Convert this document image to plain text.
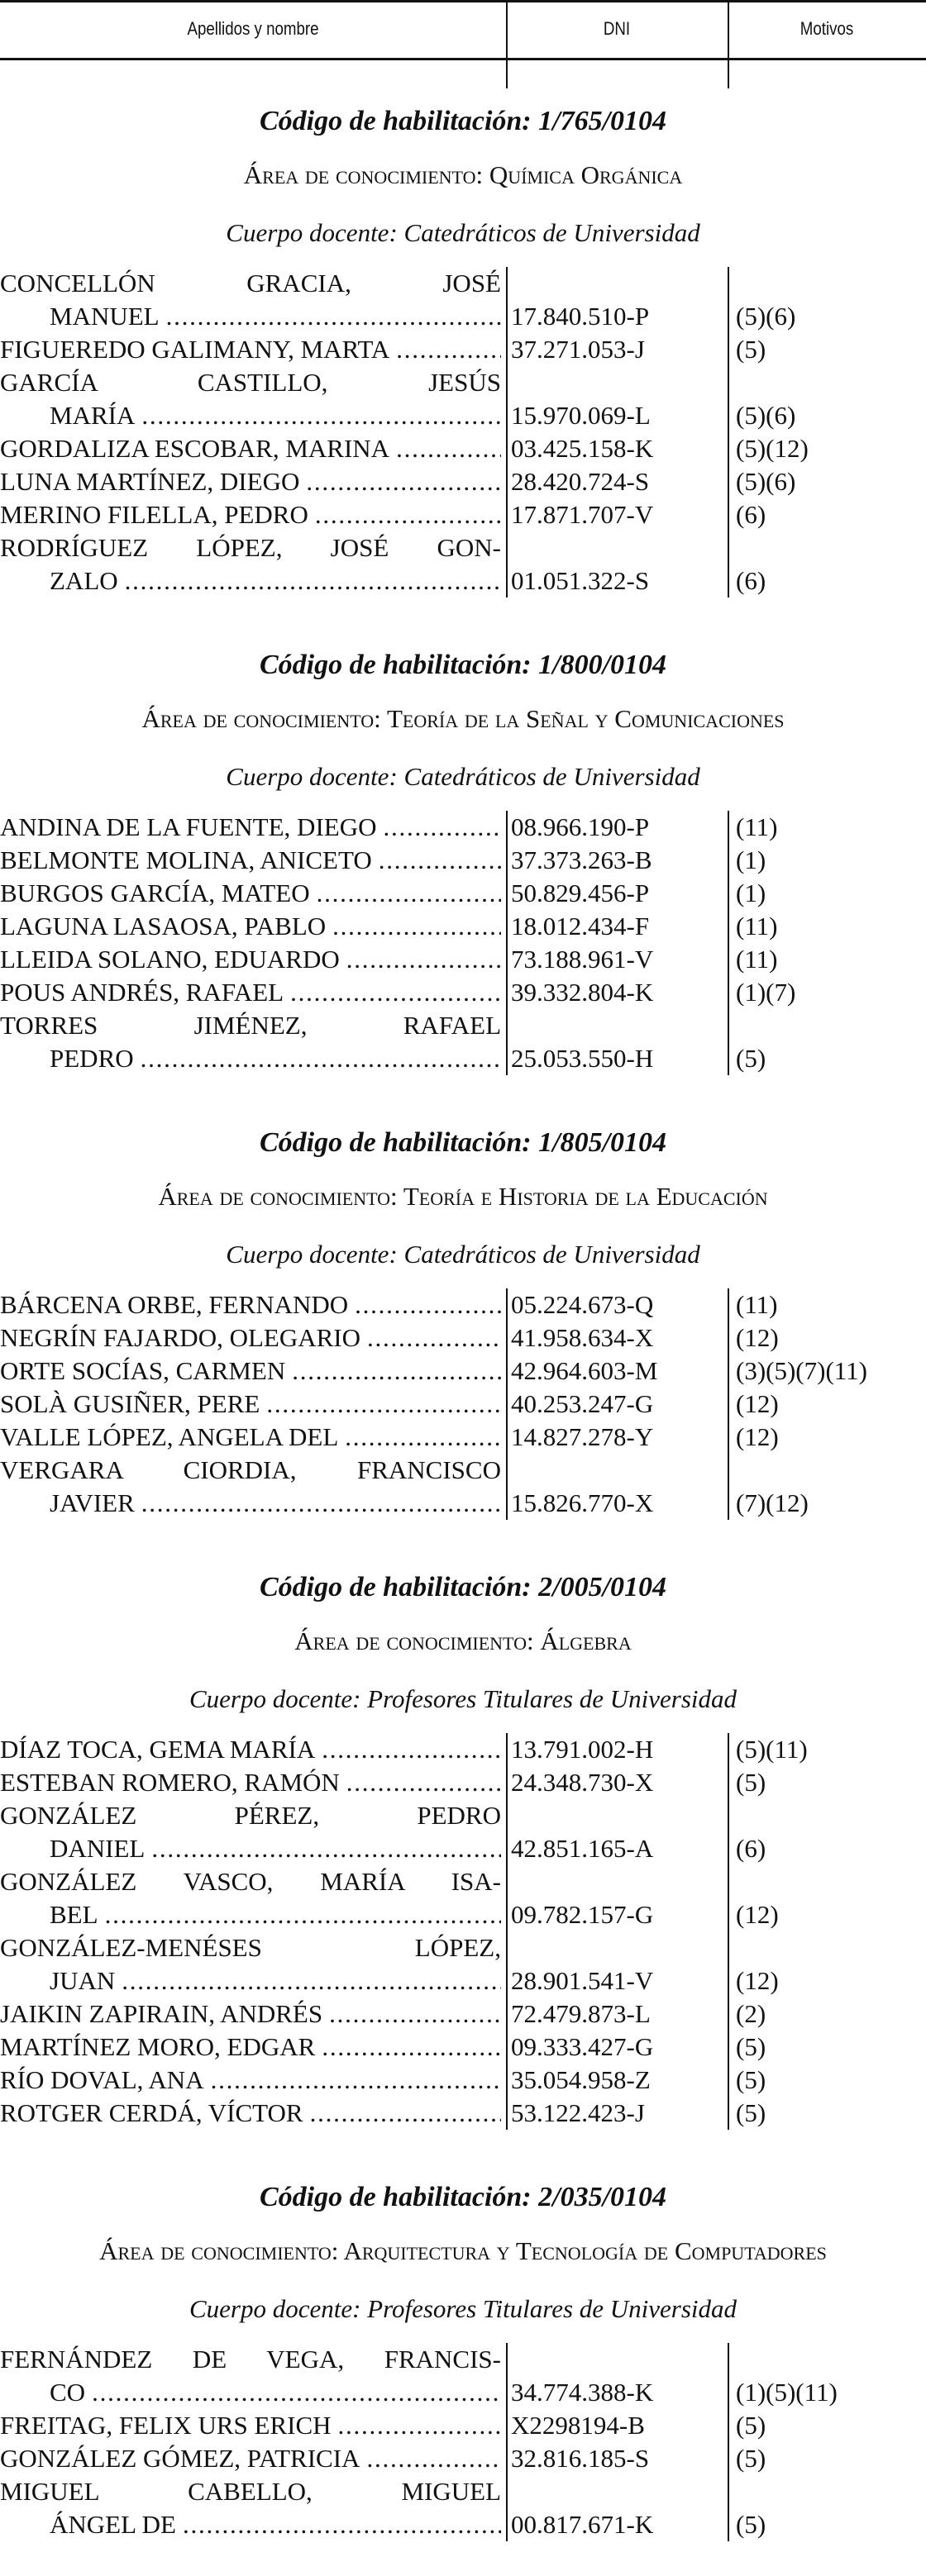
Apellidos y nombre	DNI	Motivos
Código de habilitación: 1/765/0104
Área de conocimiento: Química Orgánica
Cuerpo docente: Catedráticos de Universidad
CONCELLÓN GRACIA, JOSÉ
MANUEL . . .	17.840.510-P	(5)(6)
FIGUEREDO GALIMANY, MARTA . . .	37.271.053-J	(5)
GARCÍA CASTILLO, JESÚS
MARÍA . . .	15.970.069-L	(5)(6)
GORDALIZA ESCOBAR, MARINA . . .	03.425.158-K	(5)(12)
LUNA MARTÍNEZ, DIEGO . . .	28.420.724-S	(5)(6)
MERINO FILELLA, PEDRO . . .	17.871.707-V	(6)
RODRÍGUEZ LÓPEZ, JOSÉ GON-
ZALO . . .	01.051.322-S	(6)
Código de habilitación: 1/800/0104
Área de conocimiento: Teoría de la Señal y Comunicaciones
Cuerpo docente: Catedráticos de Universidad
ANDINA DE LA FUENTE, DIEGO . . .	08.966.190-P	(11)
BELMONTE MOLINA, ANICETO . . .	37.373.263-B	(1)
BURGOS GARCÍA, MATEO . . .	50.829.456-P	(1)
LAGUNA LASAOSA, PABLO . . .	18.012.434-F	(11)
LLEIDA SOLANO, EDUARDO . . .	73.188.961-V	(11)
POUS ANDRÉS, RAFAEL . . .	39.332.804-K	(1)(7)
TORRES JIMÉNEZ, RAFAEL
PEDRO . . .	25.053.550-H	(5)
Código de habilitación: 1/805/0104
Área de conocimiento: Teoría e Historia de la Educación
Cuerpo docente: Catedráticos de Universidad
BÁRCENA ORBE, FERNANDO . . .	05.224.673-Q	(11)
NEGRÍN FAJARDO, OLEGARIO . . .	41.958.634-X	(12)
ORTE SOCÍAS, CARMEN . . .	42.964.603-M	(3)(5)(7)(11)
SOLÀ GUSIÑER, PERE . . .	40.253.247-G	(12)
VALLE LÓPEZ, ANGELA DEL . . .	14.827.278-Y	(12)
VERGARA CIORDIA, FRANCISCO
JAVIER . . .	15.826.770-X	(7)(12)
Código de habilitación: 2/005/0104
Área de conocimiento: Álgebra
Cuerpo docente: Profesores Titulares de Universidad
DÍAZ TOCA, GEMA MARÍA . . .	13.791.002-H	(5)(11)
ESTEBAN ROMERO, RAMÓN . . .	24.348.730-X	(5)
GONZÁLEZ PÉREZ, PEDRO
DANIEL . . .	42.851.165-A	(6)
GONZÁLEZ VASCO, MARÍA ISA-
BEL . . .	09.782.157-G	(12)
GONZÁLEZ-MENÉSES LÓPEZ,
JUAN . . .	28.901.541-V	(12)
JAIKIN ZAPIRAIN, ANDRÉS . . .	72.479.873-L	(2)
MARTÍNEZ MORO, EDGAR . . .	09.333.427-G	(5)
RÍO DOVAL, ANA . . .	35.054.958-Z	(5)
ROTGER CERDÁ, VÍCTOR . . .	53.122.423-J	(5)
Código de habilitación: 2/035/0104
Área de conocimiento: Arquitectura y Tecnología de Computadores
Cuerpo docente: Profesores Titulares de Universidad
FERNÁNDEZ DE VEGA, FRANCIS-
CO . . .	34.774.388-K	(1)(5)(11)
FREITAG, FELIX URS ERICH . . .	X2298194-B	(5)
GONZÁLEZ GÓMEZ, PATRICIA . . .	32.816.185-S	(5)
MIGUEL CABELLO, MIGUEL
ÁNGEL DE . . .	00.817.671-K	(5)
